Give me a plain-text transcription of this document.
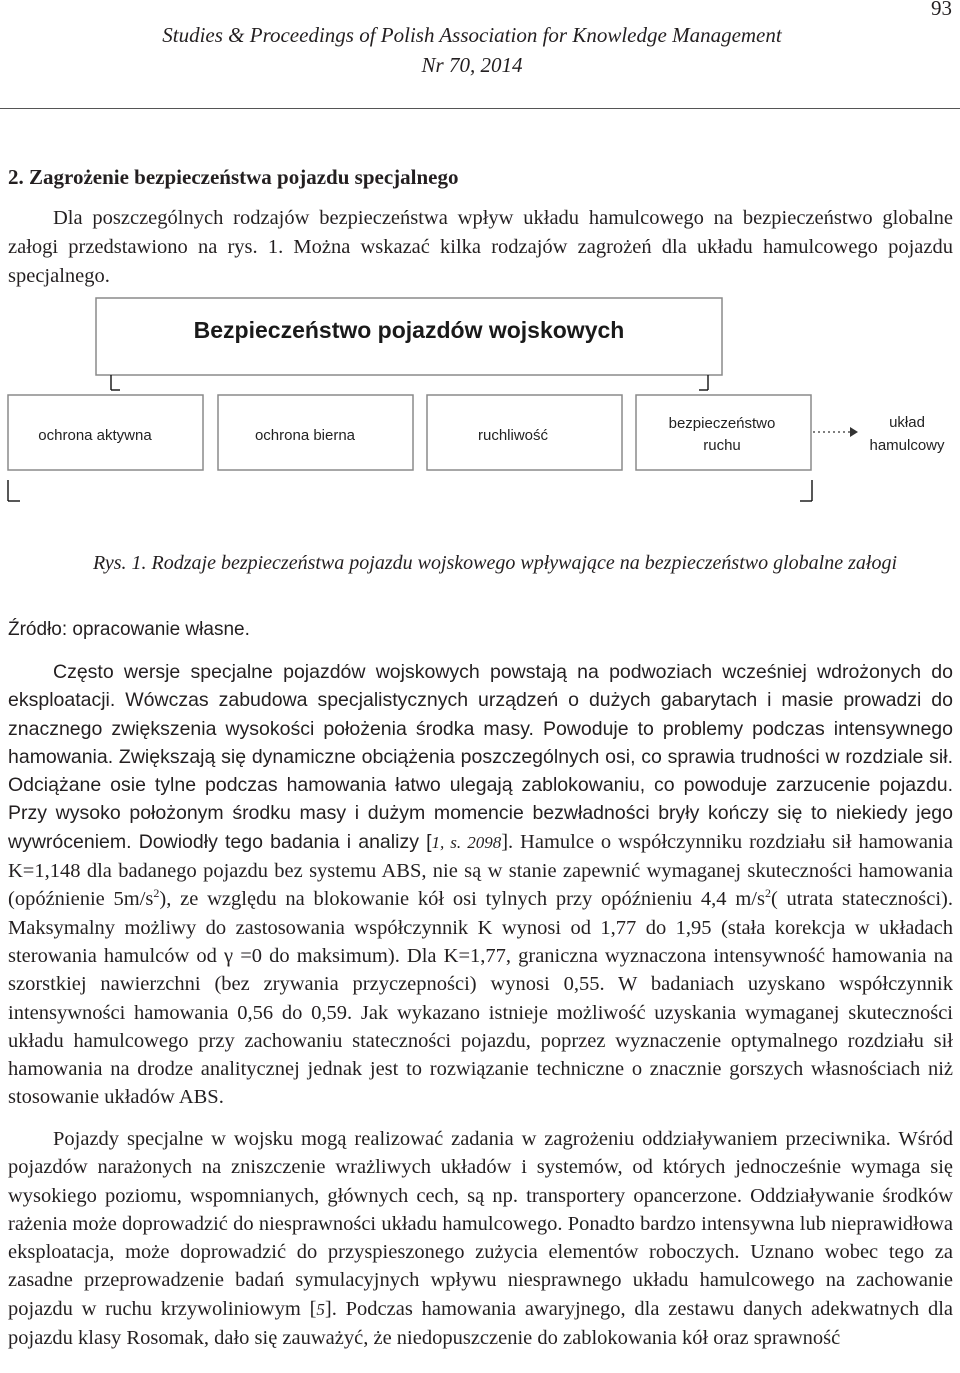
93
Studies & Proceedings of Polish Association for Knowledge Management
Nr 70, 2014
2. Zagrożenie bezpieczeństwa pojazdu specjalnego

Dla poszczególnych rodzajów bezpieczeństwa wpływ układu hamulcowego na bezpieczeństwo globalne załogi przedstawiono na rys. 1. Można wskazać kilka rodzajów zagrożeń dla układu hamulcowego pojazdu specjalnego.

Bezpieczeństwo pojazdów wojskowych
ochrona aktywna	ochrona bierna	ruchliwość
bezpieczeństwo ruchu
układ hamulcowy
Rys. 1. Rodzaje bezpieczeństwa pojazdu wojskowego wpływające na bezpieczeństwo globalne załogi
Źródło: opracowanie własne.

Często wersje specjalne pojazdów wojskowych powstają na podwoziach wcześniej wdrożonych do eksploatacji. Wówczas zabudowa specjalistycznych urządzeń o dużych gabarytach i masie prowadzi do znacznego zwiększenia wysokości położenia środka masy. Powoduje to problemy podczas intensywnego hamowania. Zwiększają się dynamiczne obciążenia poszczególnych osi, co sprawia trudności w rozdziale sił. Odciążane osie tylne podczas hamowania łatwo ulegają zablokowaniu, co powoduje zarzucenie pojazdu. Przy wysoko położonym środku masy i dużym momencie bezwładności bryły kończy się to niekiedy jego wywróceniem. Dowiodły tego badania i analizy [1, s. 2098]. Hamulce o współczynniku rozdziału sił hamowania K=1,148 dla badanego pojazdu bez systemu ABS, nie są w stanie zapewnić wymaganej skuteczności hamowania (opóźnienie $5m/s^2$), ze względu na blokowanie kół osi tylnych przy opóźnieniu 4,4 $m/s^2$( utrata stateczności). Maksymalny możliwy do zastosowania współczynnik K wynosi od 1,77 do 1,95 (stała korekcja w układach sterowania hamulców od γ =0 do maksimum). Dla K=1,77, graniczna wyznaczona intensywność hamowania na szorstkiej nawierzchni (bez zrywania przyczepności) wynosi 0,55. W badaniach uzyskano współczynnik intensywności hamowania 0,56 do 0,59. Jak wykazano istnieje możliwość uzyskania wymaganej skuteczności układu hamulcowego przy zachowaniu stateczności pojazdu, poprzez wyznaczenie optymalnego rozdziału sił hamowania na drodze analitycznej jednak jest to rozwiązanie techniczne o znacznie gorszych własnościach niż stosowanie układów ABS.

Pojazdy specjalne w wojsku mogą realizować zadania w zagrożeniu oddziaływaniem przeciwnika. Wśród pojazdów narażonych na zniszczenie wrażliwych układów i systemów, od których jednocześnie wymaga się wysokiego poziomu, wspomnianych, głównych cech, są np. transportery opancerzone. Oddziaływanie środków rażenia może doprowadzić do niesprawności układu hamulcowego. Ponadto bardzo intensywna lub nieprawidłowa eksploatacja, może doprowadzić do przyspieszonego zużycia elementów roboczych. Uznano wobec tego za zasadne przeprowadzenie badań symulacyjnych wpływu niesprawnego układu hamulcowego na zachowanie pojazdu w ruchu krzywoliniowym [5]. Podczas hamowania awaryjnego, dla zestawu danych adekwatnych dla pojazdu klasy Rosomak, dało się zauważyć, że niedopuszczenie do zablokowania kół oraz sprawność
